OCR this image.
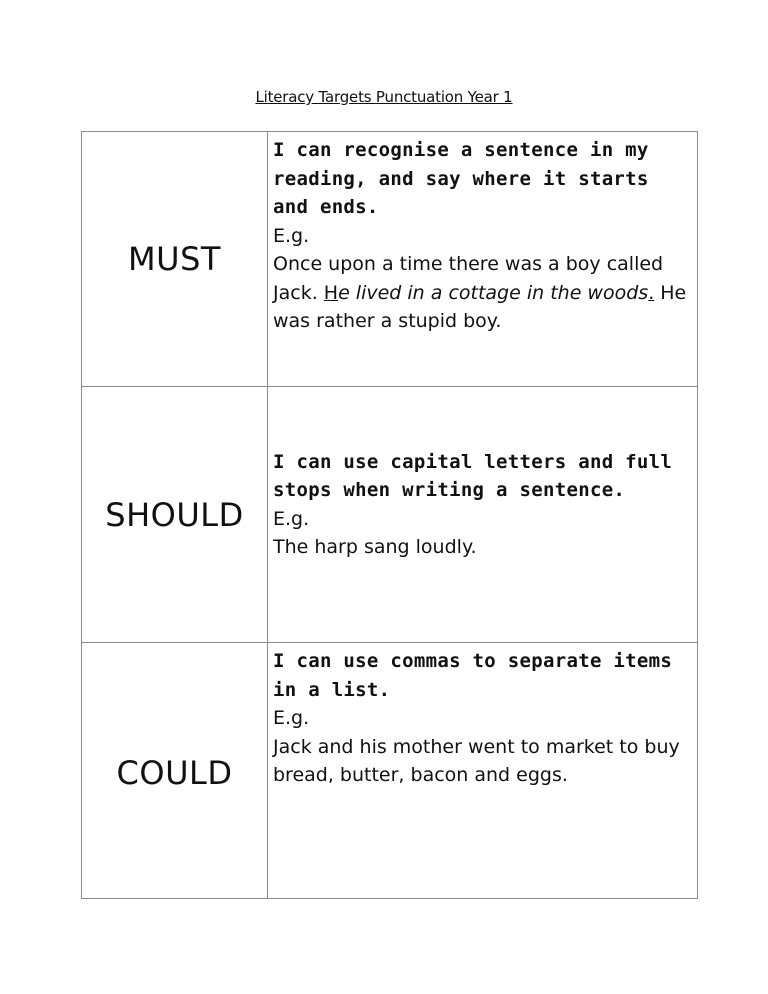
Literacy Targets Punctuation Year 1
MUST	I can recognise a sentence in my reading, and say where it starts and ends.
E.g.
Once upon a time there was a boy called Jack. He lived in a cottage in the woods. He was rather a stupid boy.

SHOULD	I can use capital letters and full stops when writing a sentence.
E.g.
The harp sang loudly.

COULD	I can use commas to separate items in a list.
E.g.
Jack and his mother went to market to buy bread, butter, bacon and eggs.
